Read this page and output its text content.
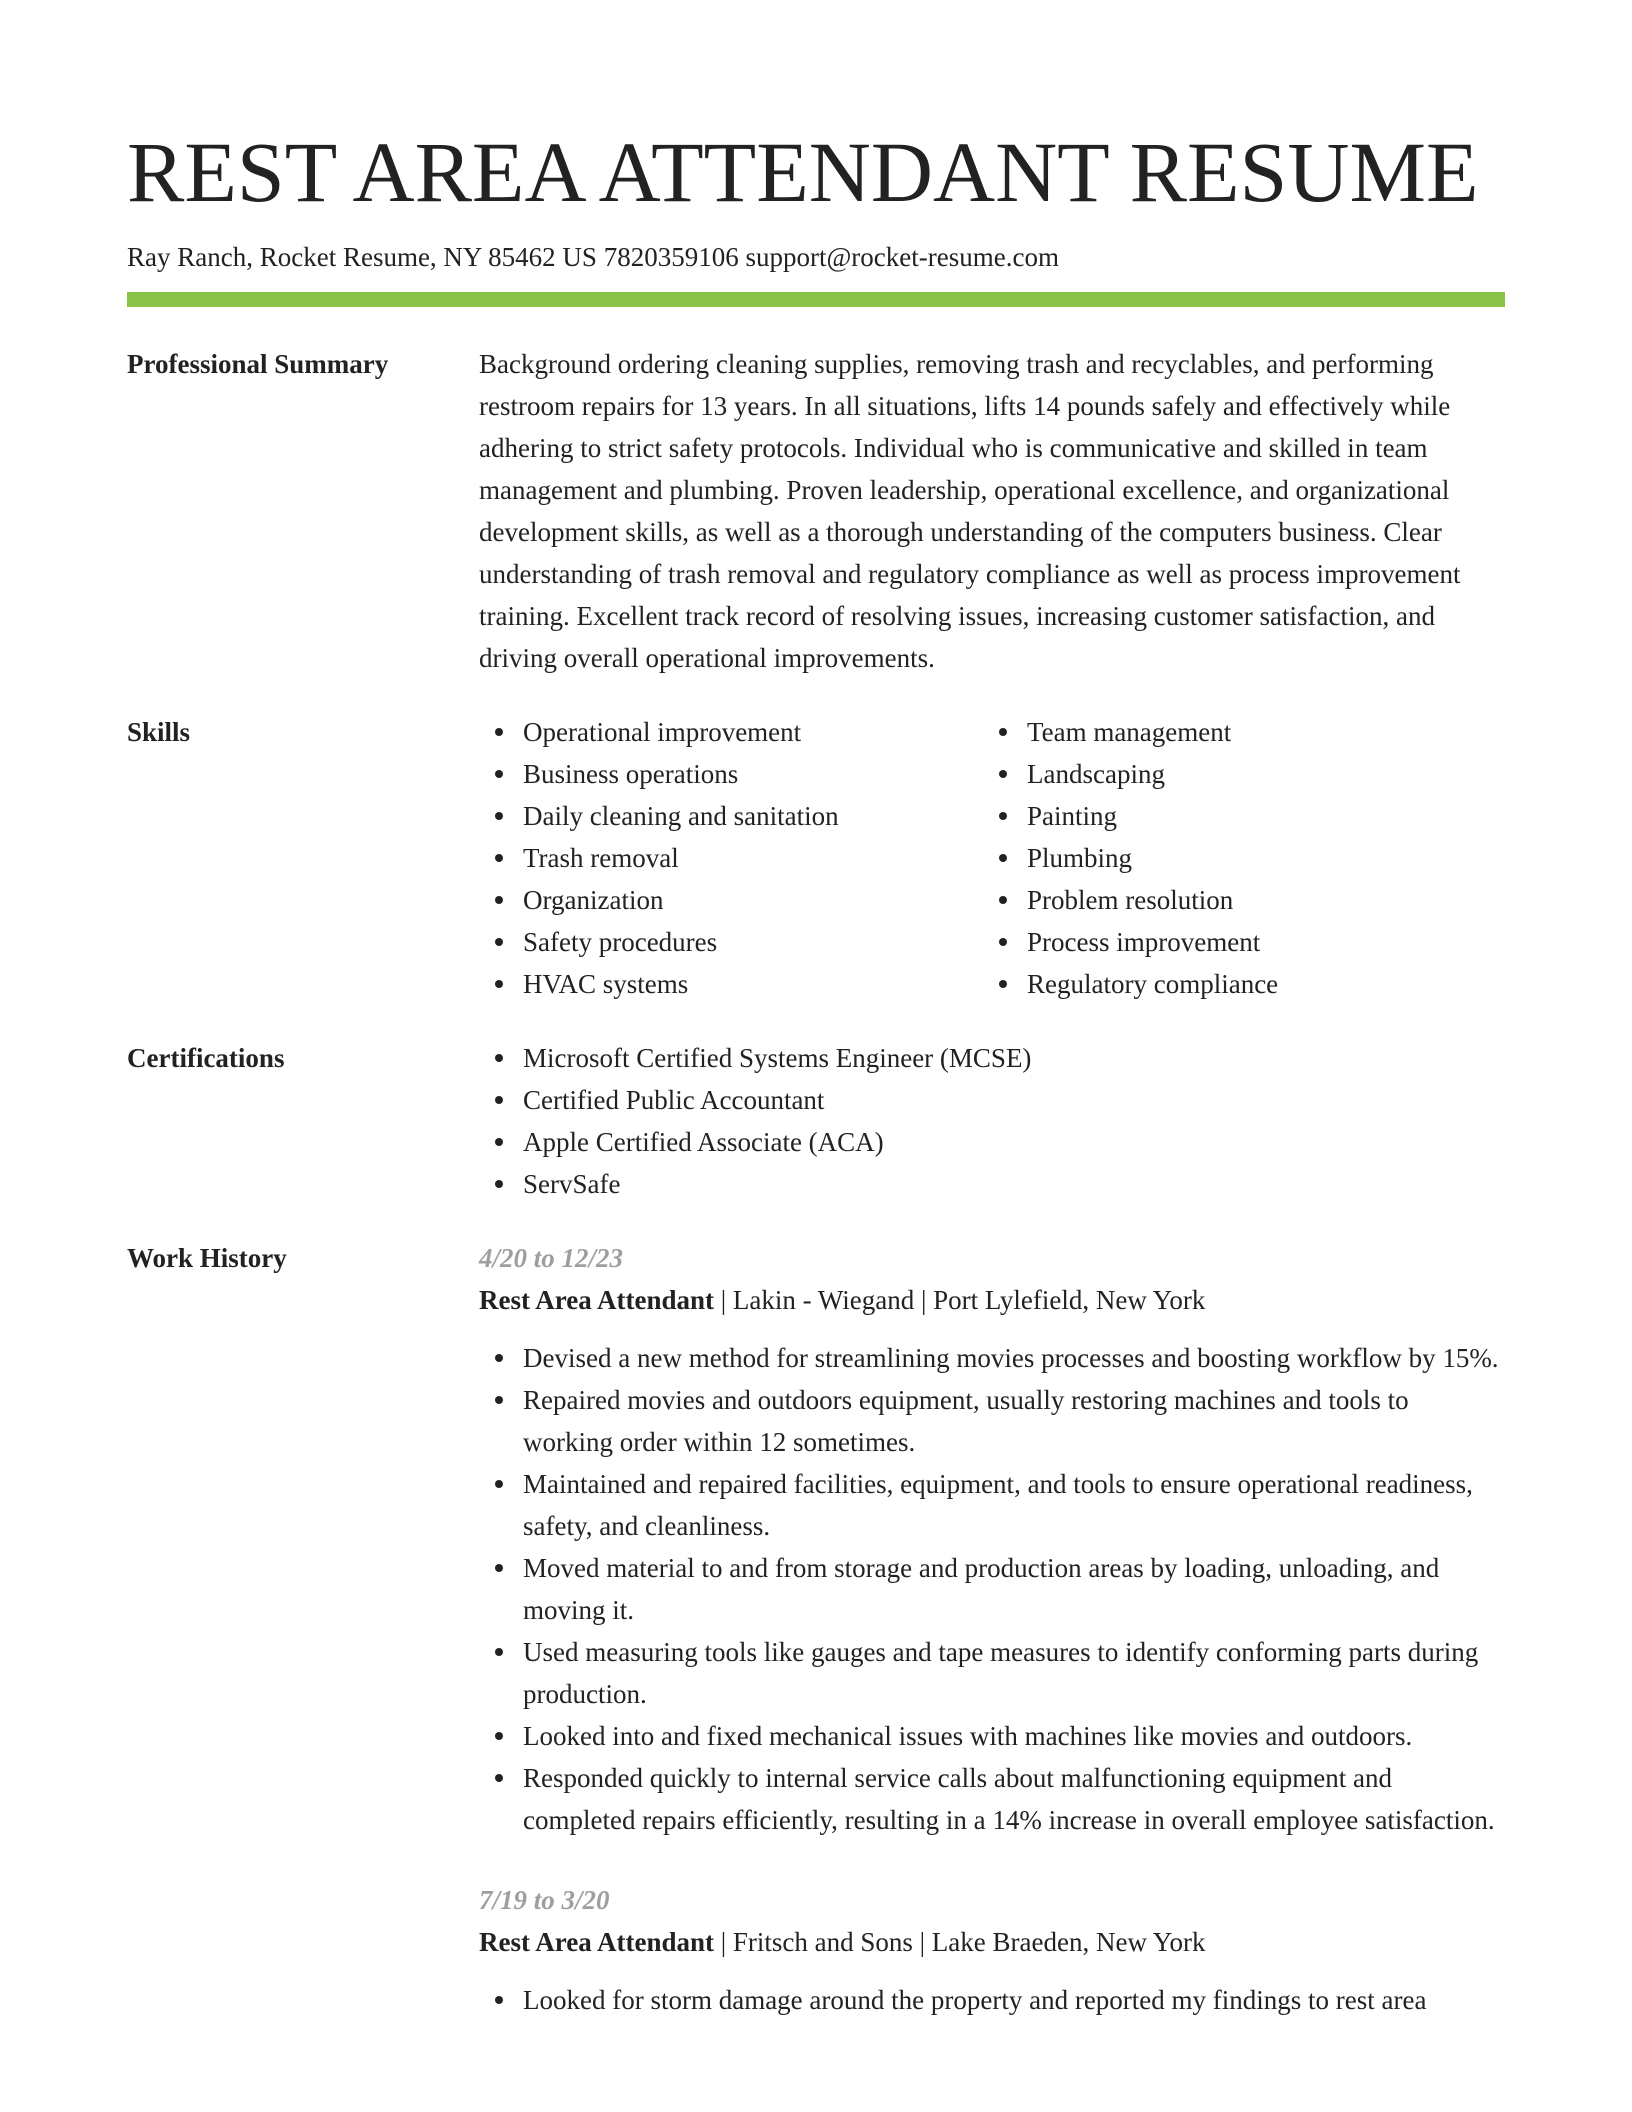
REST AREA ATTENDANT RESUME
Ray Ranch, Rocket Resume, NY 85462 US 7820359106 support@rocket-resume.com
Professional Summary	Background ordering cleaning supplies, removing trash and recyclables, and performing restroom repairs for 13 years. In all situations, lifts 14 pounds safely and effectively while adhering to strict safety protocols. Individual who is communicative and skilled in team management and plumbing. Proven leadership, operational excellence, and organizational development skills, as well as a thorough understanding of the computers business. Clear understanding of trash removal and regulatory compliance as well as process improvement training. Excellent track record of resolving issues, increasing customer satisfaction, and driving overall operational improvements.

Skills	Operational improvement
Business operations
Daily cleaning and sanitation
Trash removal
Organization
Safety procedures
HVAC systems
Team management
Landscaping
Painting
Plumbing
Problem resolution
Process improvement
Regulatory compliance
Certifications	Microsoft Certified Systems Engineer (MCSE)
Certified Public Accountant
Apple Certified Associate (ACA)
ServSafe
Work History	4/20 to 12/23
Rest Area Attendant | Lakin - Wiegand | Port Lylefield, New York
Devised a new method for streamlining movies processes and boosting workflow by 15%.
Repaired movies and outdoors equipment, usually restoring machines and tools to working order within 12 sometimes.
Maintained and repaired facilities, equipment, and tools to ensure operational readiness, safety, and cleanliness.
Moved material to and from storage and production areas by loading, unloading, and moving it.
Used measuring tools like gauges and tape measures to identify conforming parts during production.
Looked into and fixed mechanical issues with machines like movies and outdoors.
Responded quickly to internal service calls about malfunctioning equipment and completed repairs efficiently, resulting in a 14% increase in overall employee satisfaction.
7/19 to 3/20
Rest Area Attendant | Fritsch and Sons | Lake Braeden, New York
Looked for storm damage around the property and reported my findings to rest area
